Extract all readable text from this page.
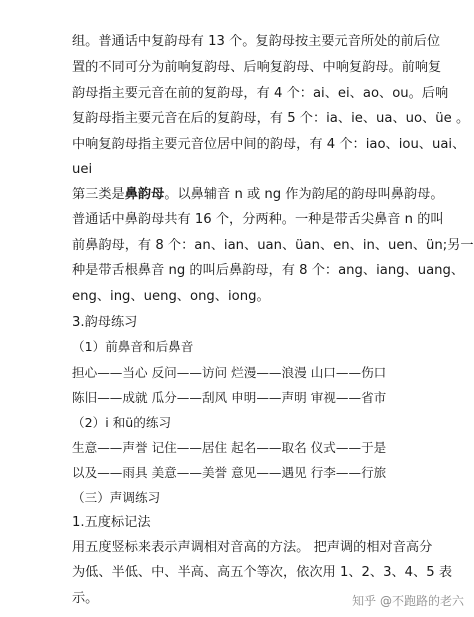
组。普通话中复韵母有 13 个。复韵母按主要元音所处的前后位
置的不同可分为前响复韵母、后响复韵母、中响复韵母。前响复
韵母指主要元音在前的复韵母，有 4 个：ai、ei、ao、ou。后响
复韵母指主要元音在后的复韵母，有 5 个：ia、ie、ua、uo、üe 。
中响复韵母指主要元音位居中间的韵母，有 4 个：iao、iou、uai、
uei
第三类是鼻韵母。以鼻辅音 n 或 ng 作为韵尾的韵母叫鼻韵母。
普通话中鼻韵母共有 16 个，分两种。一种是带舌尖鼻音 n 的叫
前鼻韵母，有 8 个：an、ian、uan、üan、en、in、uen、ün;另一
种是带舌根鼻音 ng 的叫后鼻韵母，有 8 个：ang、iang、uang、
eng、ing、ueng、ong、iong。
3.韵母练习
（1）前鼻音和后鼻音
担心——当心 反问——访问 烂漫——浪漫 山口——伤口
陈旧——成就 瓜分——刮风 申明——声明 审视——省市
（2）i 和ü的练习
生意——声誉 记住——居住 起名——取名 仪式——于是
以及——雨具 美意——美誉 意见——遇见 行李——行旅
（三）声调练习
1.五度标记法
用五度竖标来表示声调相对音高的方法。 把声调的相对音高分
为低、半低、中、半高、高五个等次，依次用 1、2、3、4、5 表
示。	知乎 @不跑路的老六
